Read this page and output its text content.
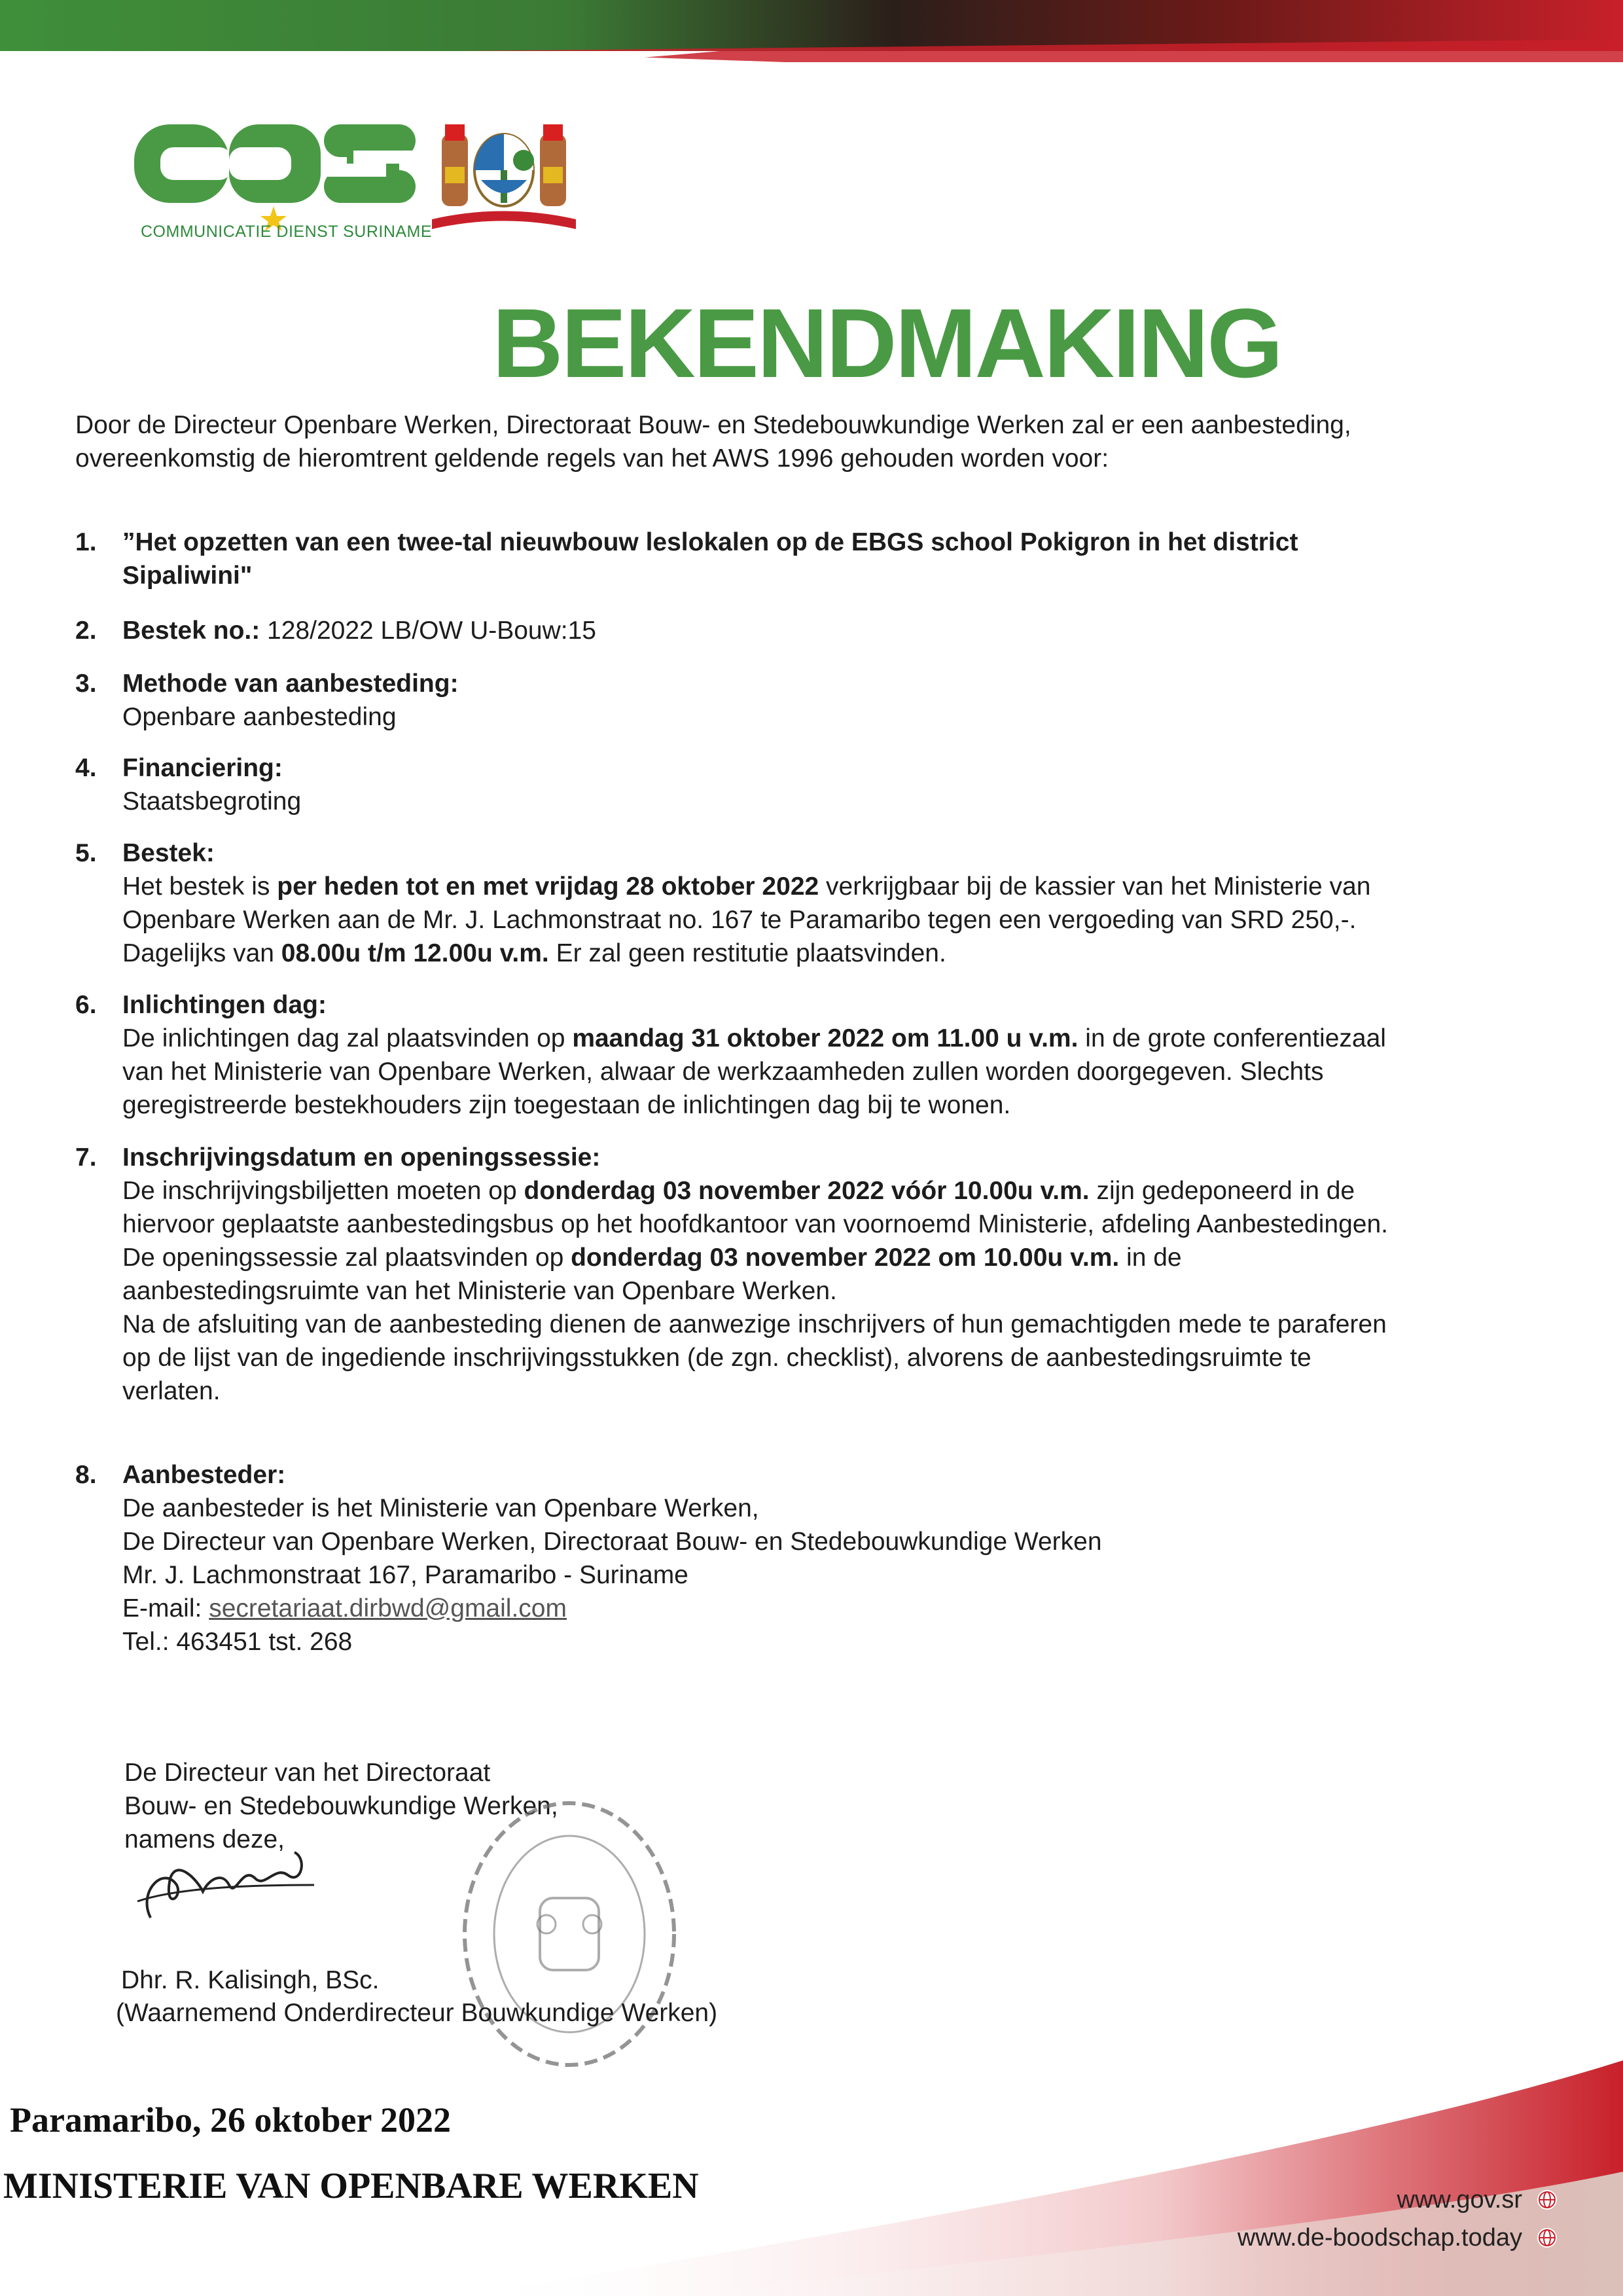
COMMUNICATIE DIENST SURINAME
BEKENDMAKING
Door de Directeur Openbare Werken, Directoraat Bouw- en Stedebouwkundige Werken zal er een aanbesteding, overeenkomstig de hieromtrent geldende regels van het AWS 1996 gehouden worden voor:
1. ”Het opzetten van een twee-tal nieuwbouw leslokalen op de EBGS school Pokigron in het district Sipaliwini"
2. Bestek no.: 128/2022 LB/OW U-Bouw:15
3. Methode van aanbesteding:
Openbare aanbesteding
4. Financiering:
Staatsbegroting
5. Bestek:
Het bestek is per heden tot en met vrijdag 28 oktober 2022 verkrijgbaar bij de kassier van het Ministerie van Openbare Werken aan de Mr. J. Lachmonstraat no. 167 te Paramaribo tegen een vergoeding van SRD 250,-. Dagelijks van 08.00u t/m 12.00u v.m. Er zal geen restitutie plaatsvinden.
6. Inlichtingen dag:
De inlichtingen dag zal plaatsvinden op maandag 31 oktober 2022 om 11.00 u v.m. in de grote conferentiezaal van het Ministerie van Openbare Werken, alwaar de werkzaamheden zullen worden doorgegeven. Slechts geregistreerde bestekhouders zijn toegestaan de inlichtingen dag bij te wonen.
7. Inschrijvingsdatum en openingssessie:
De inschrijvingsbiljetten moeten op donderdag 03 november 2022 vóór 10.00u v.m. zijn gedeponeerd in de hiervoor geplaatste aanbestedingsbus op het hoofdkantoor van voornoemd Ministerie, afdeling Aanbestedingen. De openingssessie zal plaatsvinden op donderdag 03 november 2022 om 10.00u v.m. in de aanbestedingsruimte van het Ministerie van Openbare Werken.
Na de afsluiting van de aanbesteding dienen de aanwezige inschrijvers of hun gemachtigden mede te paraferen op de lijst van de ingediende inschrijvingsstukken (de zgn. checklist), alvorens de aanbestedingsruimte te verlaten.
8. Aanbesteder:
De aanbesteder is het Ministerie van Openbare Werken,
De Directeur van Openbare Werken, Directoraat Bouw- en Stedebouwkundige Werken
Mr. J. Lachmonstraat 167, Paramaribo - Suriname
E-mail: secretariaat.dirbwd@gmail.com
Tel.: 463451 tst. 268
De Directeur van het Directoraat
Bouw- en Stedebouwkundige Werken,
namens deze,
Dhr. R. Kalisingh, BSc.
(Waarnemend Onderdirecteur Bouwkundige Werken)
Paramaribo, 26 oktober 2022
MINISTERIE VAN OPENBARE WERKEN	www.gov.sr
www.de-boodschap.today
